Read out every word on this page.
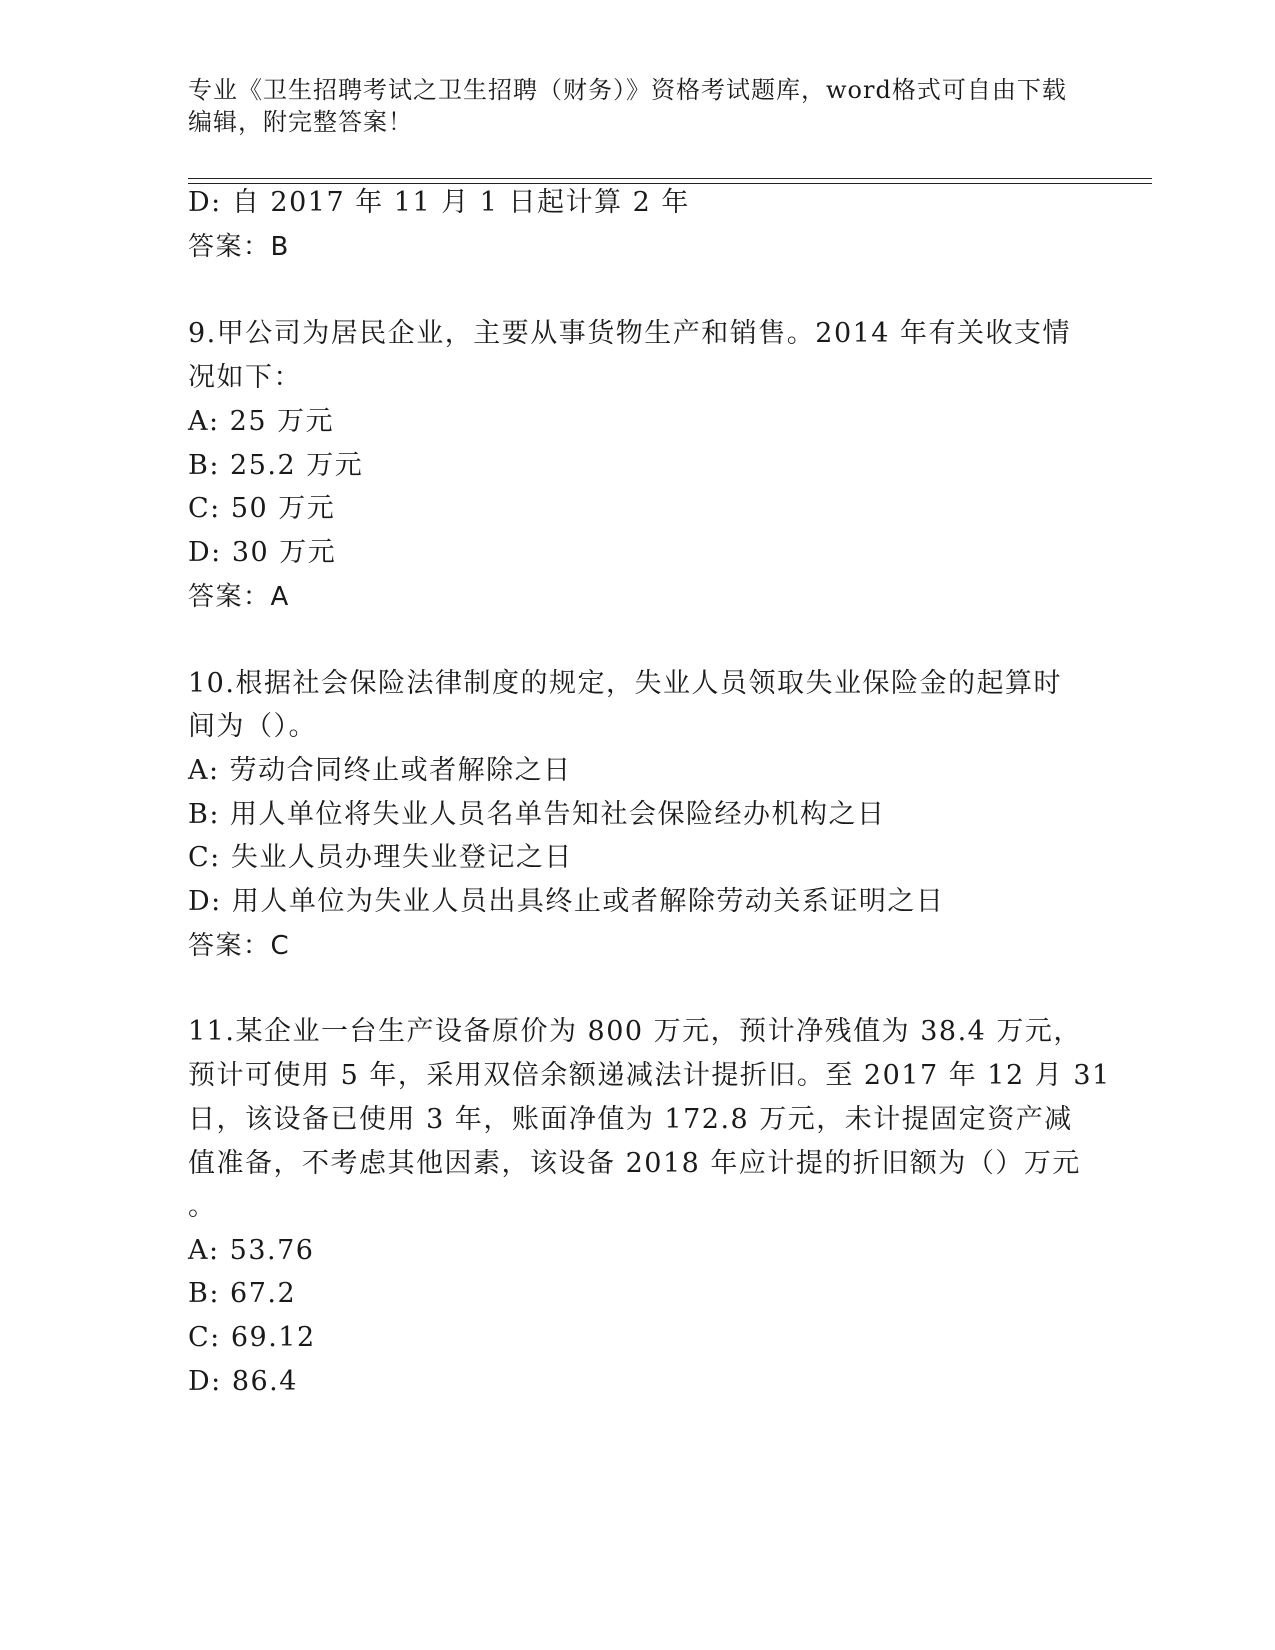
专业《卫生招聘考试之卫生招聘（财务）》资格考试题库，word格式可自由下载
编辑，附完整答案！
D: 自 2017 年 11 月 1 日起计算 2 年
答案：B
9.甲公司为居民企业，主要从事货物生产和销售。2014 年有关收支情
况如下：
A: 25 万元
B: 25.2 万元
C: 50 万元
D: 30 万元
答案：A
10.根据社会保险法律制度的规定，失业人员领取失业保险金的起算时
间为（）。
A: 劳动合同终止或者解除之日
B: 用人单位将失业人员名单告知社会保险经办机构之日
C: 失业人员办理失业登记之日
D: 用人单位为失业人员出具终止或者解除劳动关系证明之日
答案：C
11.某企业一台生产设备原价为 800 万元，预计净残值为 38.4 万元，
预计可使用 5 年，采用双倍余额递减法计提折旧。至 2017 年 12 月 31
日，该设备已使用 3 年，账面净值为 172.8 万元，未计提固定资产减
值准备，不考虑其他因素，该设备 2018 年应计提的折旧额为（）万元
。
A: 53.76
B: 67.2
C: 69.12
D: 86.4
